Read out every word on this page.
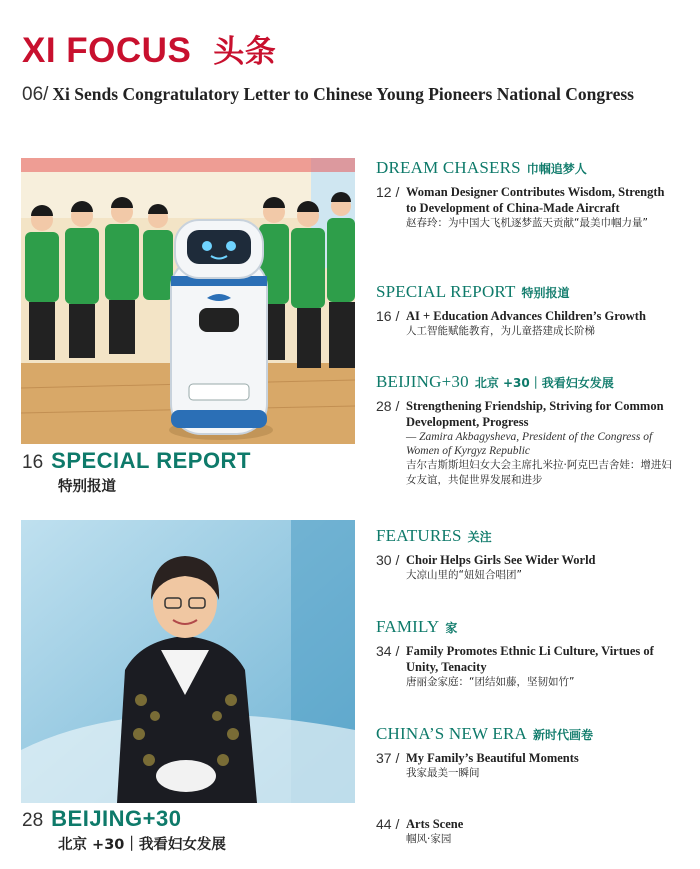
XI FOCUS 头条
06/ Xi Sends Congratulatory Letter to Chinese Young Pioneers National Congress
16 SPECIAL REPORT
特别报道
28 BEIJING+30
北京 +30｜我看妇女发展
DREAM CHASERS 巾帼追梦人
12 / Woman Designer Contributes Wisdom, Strength to Development of China-Made Aircraft
赵春玲：为中国大飞机逐梦蓝天贡献“最美巾帼力量”
SPECIAL REPORT 特别报道
16 / AI + Education Advances Children’s Growth
人工智能赋能教育，为儿童搭建成长阶梯
BEIJING+30 北京 +30｜我看妇女发展
28 / Strengthening Friendship, Striving for Common Development, Progress
— Zamira Akbagysheva, President of the Congress of Women of Kyrgyz Republic
吉尔吉斯斯坦妇女大会主席扎米拉·阿克巴吉舍娃：增进妇女友谊，共促世界发展和进步
FEATURES 关注
30 / Choir Helps Girls See Wider World
大凉山里的“妞妞合唱团”
FAMILY 家
34 / Family Promotes Ethnic Li Culture, Virtues of Unity, Tenacity
唐丽金家庭：“团结如藤，坚韧如竹”
CHINA’S NEW ERA 新时代画卷
37 / My Family’s Beautiful Moments
我家最美一瞬间
44 / Arts Scene
帼风·家园
